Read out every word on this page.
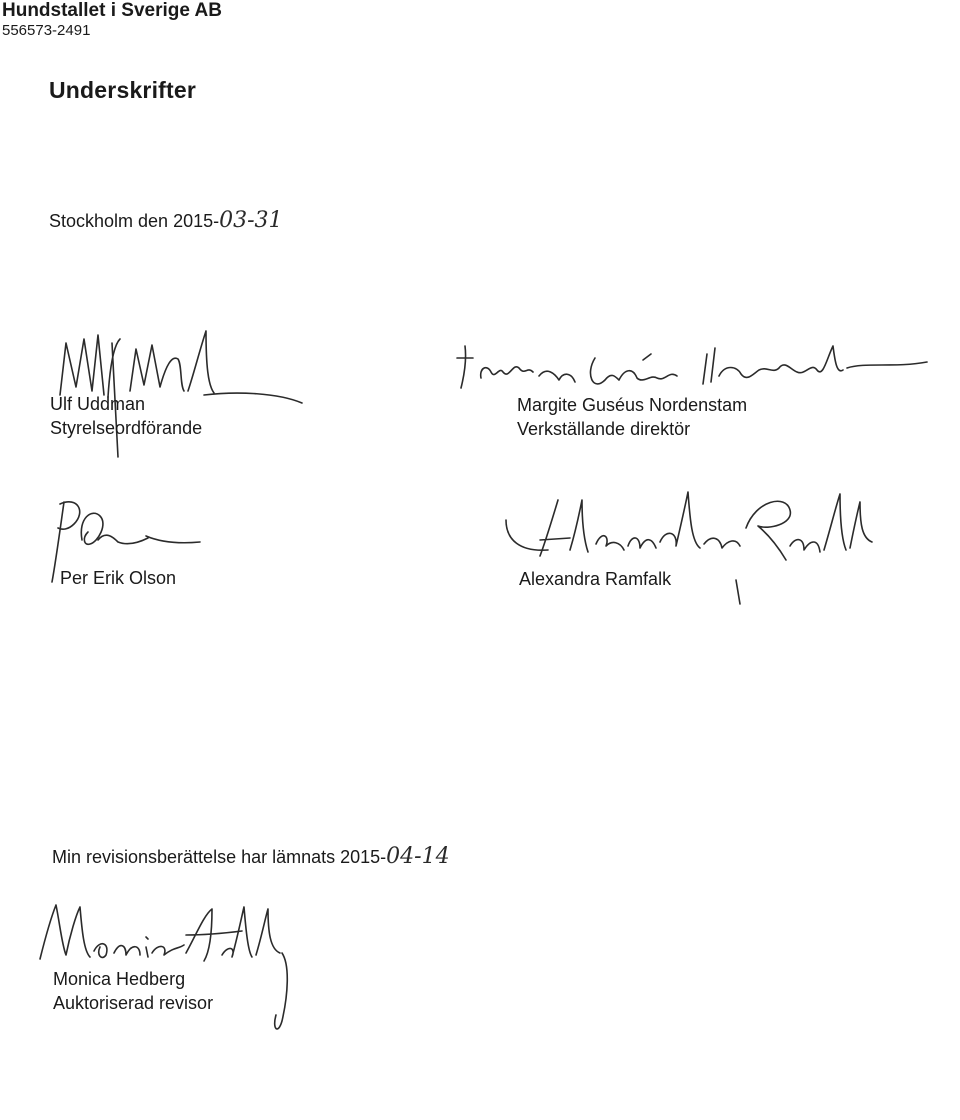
Hundstallet i Sverige AB
556573-2491
Underskrifter
Stockholm den 2015-03-31
Ulf Uddman
Styrelseordförande
Margite Guséus Nordenstam
Verkställande direktör
Per Erik Olson	Alexandra Ramfalk
Min revisionsberättelse har lämnats 2015-04-14
Monica Hedberg
Auktoriserad revisor
